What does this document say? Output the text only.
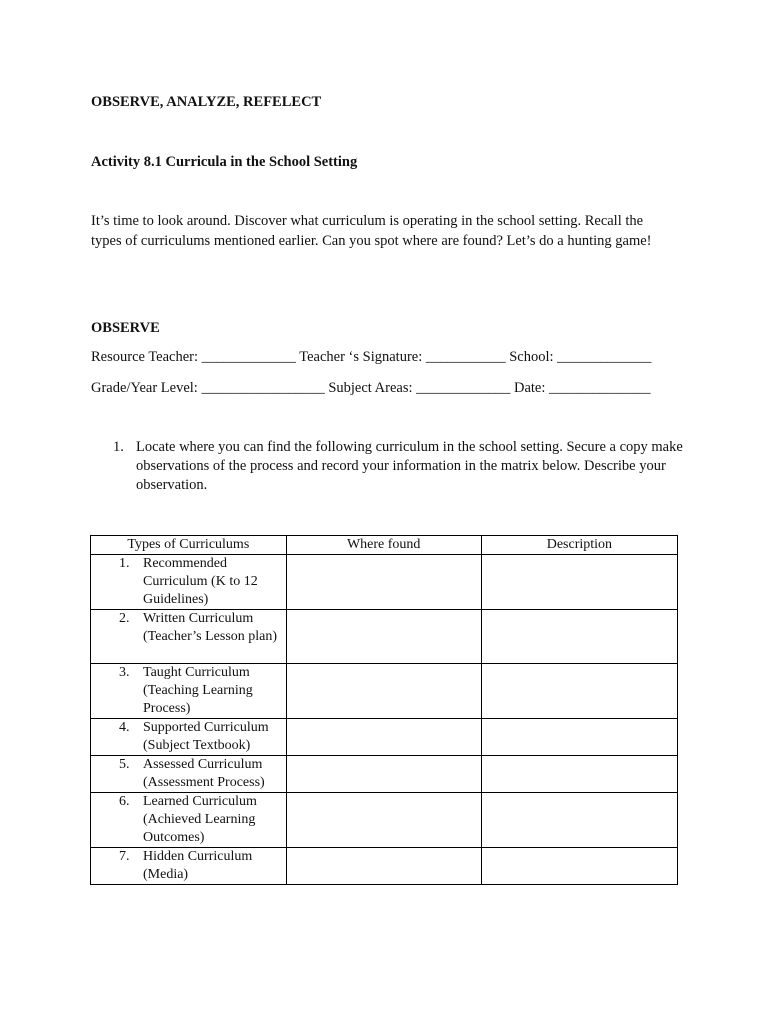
OBSERVE, ANALYZE, REFELECT
Activity 8.1 Curricula in the School Setting
It’s time to look around. Discover what curriculum is operating in the school setting. Recall the
types of curriculums mentioned earlier. Can you spot where are found? Let’s do a hunting game!
OBSERVE
Resource Teacher: _____________ Teacher ‘s Signature: ___________ School: _____________
Grade/Year Level: _________________ Subject Areas: _____________ Date: ______________
1. Locate where you can find the following curriculum in the school setting. Secure a copy make observations of the process and record your information in the matrix below. Describe your observation.
Types of Curriculums	Where found	Description

1. Recommended Curriculum (K to 12 Guidelines)		

2. Written Curriculum (Teacher’s Lesson plan)		

3. Taught Curriculum (Teaching Learning Process)		

4. Supported Curriculum (Subject Textbook)		

5. Assessed Curriculum (Assessment Process)		

6. Learned Curriculum (Achieved Learning Outcomes)		

7. Hidden Curriculum (Media)		
